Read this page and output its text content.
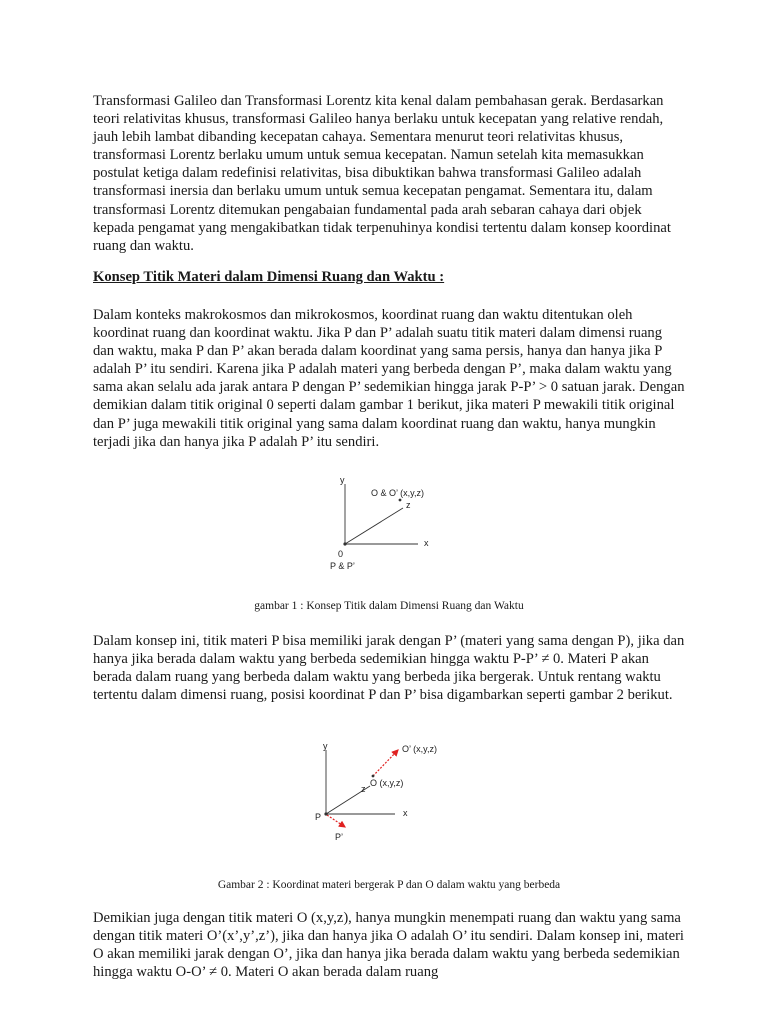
Transformasi Galileo dan Transformasi Lorentz kita kenal dalam pembahasan gerak. Berdasarkan teori relativitas khusus, transformasi Galileo hanya berlaku untuk kecepatan yang relative rendah, jauh lebih lambat dibanding kecepatan cahaya. Sementara menurut teori relativitas khusus, transformasi Lorentz berlaku umum untuk semua kecepatan. Namun setelah kita memasukkan postulat ketiga dalam redefinisi relativitas, bisa dibuktikan bahwa transformasi Galileo adalah transformasi inersia dan berlaku umum untuk semua kecepatan pengamat. Sementara itu, dalam transformasi Lorentz ditemukan pengabaian fundamental pada arah sebaran cahaya dari objek kepada pengamat yang mengakibatkan tidak terpenuhinya kondisi tertentu dalam konsep koordinat ruang dan waktu.

Konsep Titik Materi dalam Dimensi Ruang dan Waktu :

Dalam konteks makrokosmos dan mikrokosmos, koordinat ruang dan waktu ditentukan oleh koordinat ruang dan koordinat waktu. Jika P dan P’ adalah suatu titik materi dalam dimensi ruang dan waktu, maka P dan P’ akan berada dalam koordinat yang sama persis, hanya dan hanya jika P adalah P’ itu sendiri. Karena jika P adalah materi yang berbeda dengan P’, maka dalam waktu yang sama akan selalu ada jarak antara P dengan P’ sedemikian hingga jarak P-P’ > 0 satuan jarak. Dengan demikian dalam titik original 0 seperti dalam gambar 1 berikut, jika materi P mewakili titik original dan P’ juga mewakili titik original yang sama dalam koordinat ruang dan waktu, hanya mungkin terjadi jika dan hanya jika P adalah P’ itu sendiri.

y
x
z
O & O’ (x,y,z)
0
P & P’
gambar 1 : Konsep Titik dalam Dimensi Ruang dan Waktu

Dalam konsep ini, titik materi P bisa memiliki jarak dengan P’ (materi yang sama dengan P), jika dan hanya jika berada dalam waktu yang berbeda sedemikian hingga waktu P-P’ ≠ 0. Materi P akan berada dalam ruang yang berbeda dalam waktu yang berbeda jika bergerak. Untuk rentang waktu tertentu dalam dimensi ruang, posisi koordinat P dan P’ bisa digambarkan seperti gambar 2 berikut.

y
x
z
O’ (x,y,z)
O (x,y,z)
P
P’
Gambar 2 : Koordinat materi bergerak P dan O dalam waktu yang berbeda

Demikian juga dengan titik materi O (x,y,z), hanya mungkin menempati ruang dan waktu yang sama dengan titik materi O’(x’,y’,z’), jika dan hanya jika O adalah O’ itu sendiri. Dalam konsep ini, materi O akan memiliki jarak dengan O’, jika dan hanya jika berada dalam waktu yang berbeda sedemikian hingga waktu O-O’ ≠ 0. Materi O akan berada dalam ruang
